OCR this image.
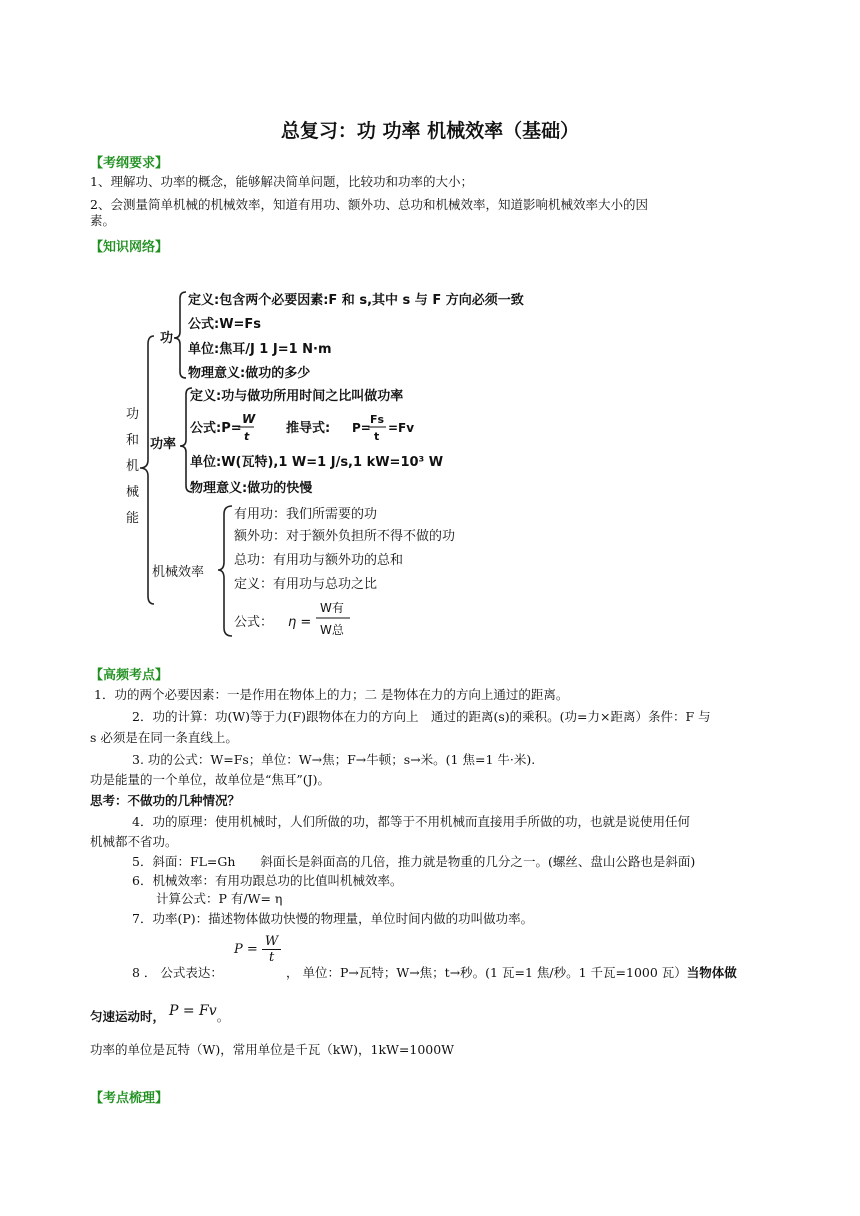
总复习：功 功率 机械效率（基础）
【考纲要求】
1、理解功、功率的概念，能够解决简单问题，比较功和功率的大小；
2、会测量简单机械的机械效率，知道有用功、额外功、总功和机械效率，知道影响机械效率大小的因
素。
【知识网络】
功
和
机
械
能
功
定义:包含两个必要因素:F 和 s,其中 s 与 F 方向必须一致
公式:W=Fs
单位:焦耳/J 1 J=1 N·m
物理意义:做功的多少
功率
定义:功与做功所用时间之比叫做功率
公式:P=
W
t
推导式: P=
Fs
t
=Fv
单位:W(瓦特),1 W=1 J/s,1 kW=10³ W
物理意义:做功的快慢
机械效率
有用功：我们所需要的功
额外功：对于额外负担所不得不做的功
总功：有用功与额外功的总和
定义：有用功与总功之比
公式： η =
W有
W总
【高频考点】
1．功的两个必要因素：一是作用在物体上的力；二 是物体在力的方向上通过的距离。
2．功的计算：功(W)等于力(F)跟物体在力的方向上　通过的距离(s)的乘积。(功=力×距离）条件：F 与
s 必须是在同一条直线上。
3. 功的公式：W=Fs；单位：W→焦；F→牛顿；s→米。(1 焦=1 牛·米).
功是能量的一个单位，故单位是“焦耳”(J)。
思考：不做功的几种情况？
4．功的原理：使用机械时，人们所做的功，都等于不用机械而直接用手所做的功，也就是说使用任何
机械都不省功。
5．斜面：FL=Gh　　斜面长是斜面高的几倍，推力就是物重的几分之一。(螺丝、盘山公路也是斜面)
6．机械效率：有用功跟总功的比值叫机械效率。
计算公式：P 有/W= η
7．功率(P)：描述物体做功快慢的物理量，单位时间内做的功叫做功率。
8 ． 公式表达：
$P = \frac{W}{t}$
， 单位：P→瓦特；W→焦；t→秒。(1 瓦=1 焦/秒。1 千瓦=1000 瓦）当物体做
匀速运动时， P = Fv。
功率的单位是瓦特（W)，常用单位是千瓦（kW)，1kW=1000W
【考点梳理】
